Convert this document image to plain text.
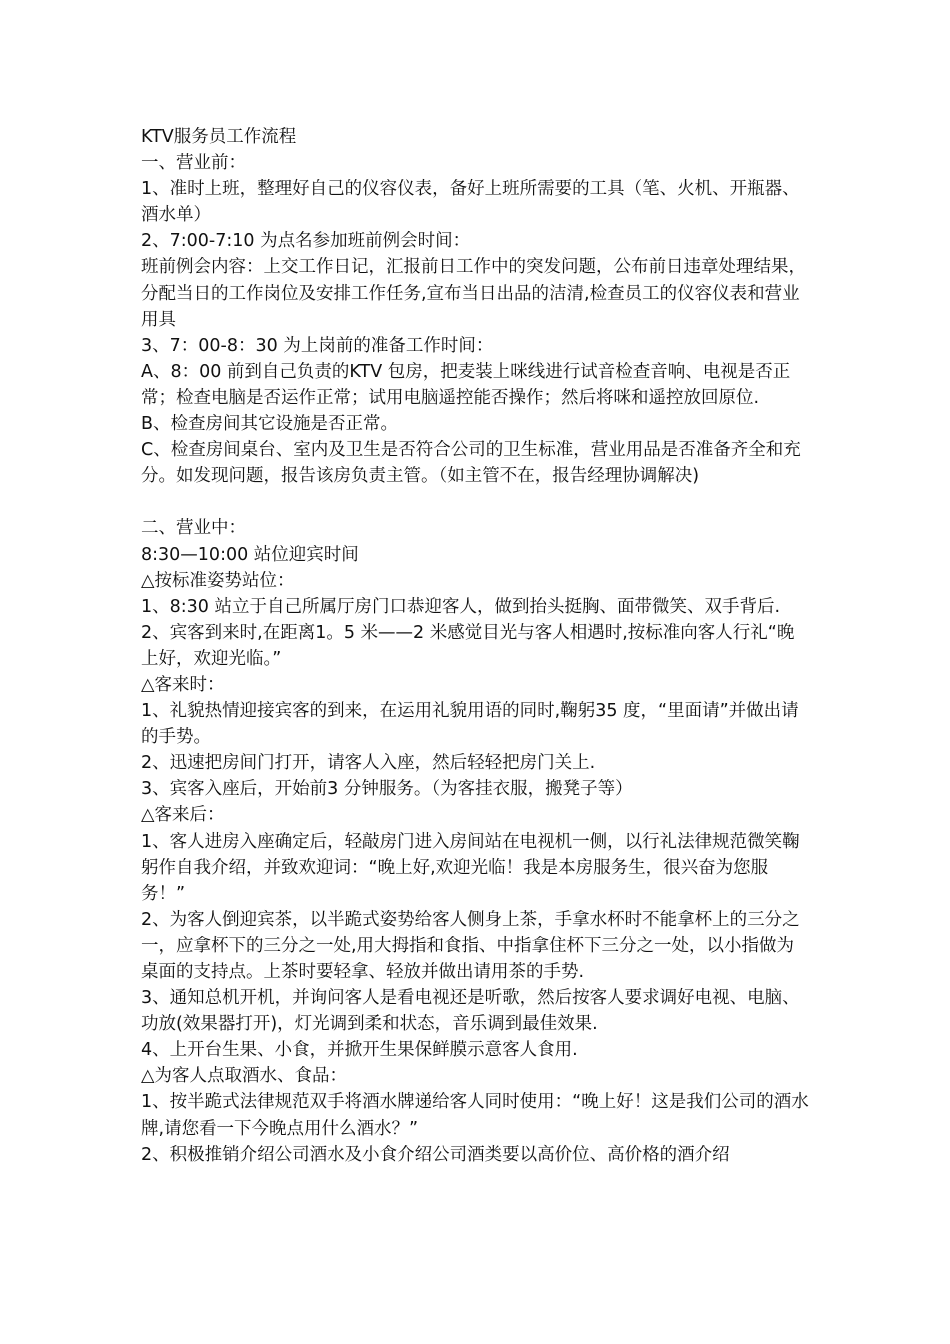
KTV服务员工作流程
一、营业前：
1、准时上班，整理好自己的仪容仪表，备好上班所需要的工具（笔、火机、开瓶器、酒水单）
2、7:00-7:10 为点名参加班前例会时间：
班前例会内容：上交工作日记，汇报前日工作中的突发问题，公布前日违章处理结果，分配当日的工作岗位及安排工作任务,宣布当日出品的洁清,检查员工的仪容仪表和营业用具
3、7：00-8：30 为上岗前的准备工作时间：
A、8：00 前到自己负责的KTV 包房，把麦装上咪线进行试音检查音响、电视是否正常；检查电脑是否运作正常；试用电脑遥控能否操作；然后将咪和遥控放回原位.
B、检查房间其它设施是否正常。
C、检查房间桌台、室内及卫生是否符合公司的卫生标准，营业用品是否准备齐全和充分。如发现问题，报告该房负责主管。（如主管不在，报告经理协调解决)
二、营业中：
8:30—10:00 站位迎宾时间
△按标准姿势站位：
1、8:30 站立于自己所属厅房门口恭迎客人，做到抬头挺胸、面带微笑、双手背后.
2、宾客到来时,在距离1。5 米——2 米感觉目光与客人相遇时,按标准向客人行礼“晚上好，欢迎光临。”
△客来时：
1、礼貌热情迎接宾客的到来，在运用礼貌用语的同时,鞠躬35 度，“里面请”并做出请的手势。
2、迅速把房间门打开，请客人入座，然后轻轻把房门关上.
3、宾客入座后，开始前3 分钟服务。（为客挂衣服，搬凳子等）
△客来后：
1、客人进房入座确定后，轻敲房门进入房间站在电视机一侧，以行礼法律规范微笑鞠躬作自我介绍，并致欢迎词：“晚上好,欢迎光临！我是本房服务生，很兴奋为您服务！”
2、为客人倒迎宾茶，以半跪式姿势给客人侧身上茶，手拿水杯时不能拿杯上的三分之一，应拿杯下的三分之一处,用大拇指和食指、中指拿住杯下三分之一处，以小指做为桌面的支持点。上茶时要轻拿、轻放并做出请用茶的手势.
3、通知总机开机，并询问客人是看电视还是听歌，然后按客人要求调好电视、电脑、功放(效果器打开)，灯光调到柔和状态，音乐调到最佳效果.
4、上开台生果、小食，并掀开生果保鲜膜示意客人食用.
△为客人点取酒水、食品：
1、按半跪式法律规范双手将酒水牌递给客人同时使用：“晚上好！这是我们公司的酒水牌,请您看一下今晚点用什么酒水？”
2、积极推销介绍公司酒水及小食介绍公司酒类要以高价位、高价格的酒介绍
